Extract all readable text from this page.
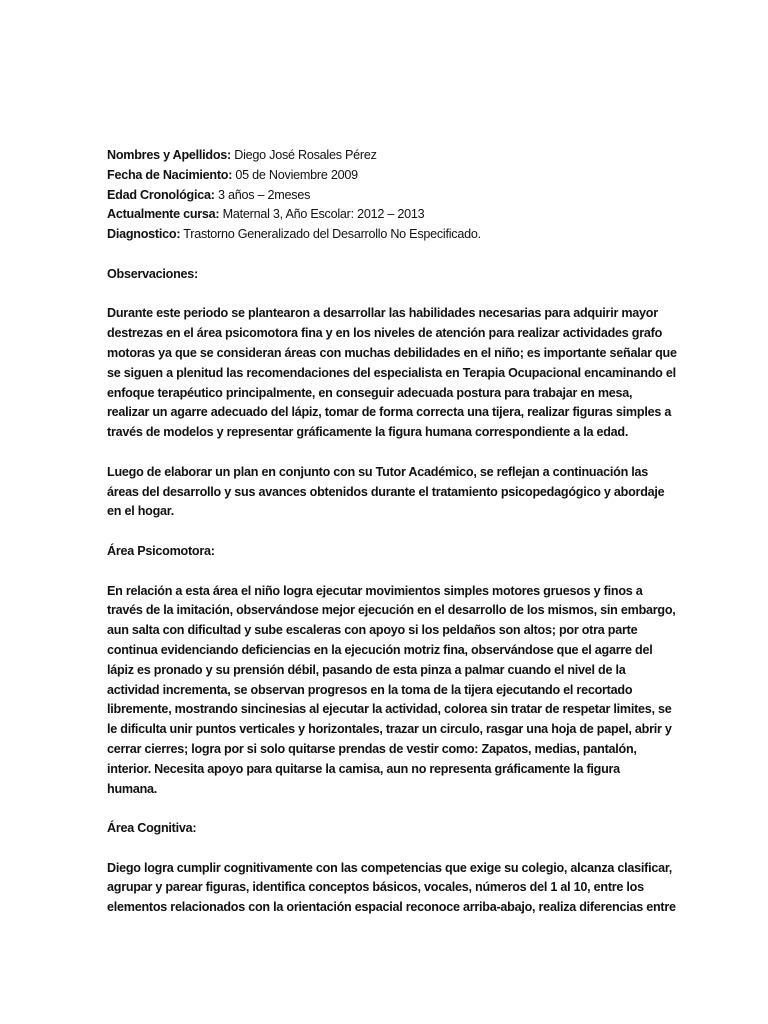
Nombres y Apellidos: Diego José Rosales Pérez

Fecha de Nacimiento: 05 de Noviembre 2009

Edad Cronológica: 3 años – 2meses

Actualmente cursa: Maternal 3, Año Escolar: 2012 – 2013

Diagnostico: Trastorno Generalizado del Desarrollo No Especificado.

Observaciones:

Durante este periodo se plantearon a desarrollar las habilidades necesarias para adquirir mayor
destrezas en el área psicomotora fina y en los niveles de atención para realizar actividades grafo
motoras ya que se consideran áreas con muchas debilidades en el niño; es importante señalar que
se siguen a plenitud las recomendaciones del especialista en Terapia Ocupacional encaminando el
enfoque terapéutico principalmente, en conseguir adecuada postura para trabajar en mesa,
realizar un agarre adecuado del lápiz, tomar de forma correcta una tijera, realizar figuras simples a
través de modelos y representar gráficamente la figura humana correspondiente a la edad.

Luego de elaborar un plan en conjunto con su Tutor Académico, se reflejan a continuación las
áreas del desarrollo y sus avances obtenidos durante el tratamiento psicopedagógico y abordaje
en el hogar.

Área Psicomotora:

En relación a esta área el niño logra ejecutar movimientos simples motores gruesos y finos a
través de la imitación, observándose mejor ejecución en el desarrollo de los mismos, sin embargo,
aun salta con dificultad y sube escaleras con apoyo si los peldaños son altos; por otra parte
continua evidenciando deficiencias en la ejecución motriz fina, observándose que el agarre del
lápiz es pronado y su prensión débil, pasando de esta pinza a palmar cuando el nivel de la
actividad incrementa, se observan progresos en la toma de la tijera ejecutando el recortado
libremente, mostrando sincinesias al ejecutar la actividad, colorea sin tratar de respetar limites, se
le dificulta unir puntos verticales y horizontales, trazar un circulo, rasgar una hoja de papel, abrir y
cerrar cierres; logra por si solo quitarse prendas de vestir como: Zapatos, medias, pantalón,
interior. Necesita apoyo para quitarse la camisa, aun no representa gráficamente la figura
humana.

Área Cognitiva:

Diego logra cumplir cognitivamente con las competencias que exige su colegio, alcanza clasificar,
agrupar y parear figuras, identifica conceptos básicos, vocales, números del 1 al 10, entre los
elementos relacionados con la orientación espacial reconoce arriba-abajo, realiza diferencias entre
